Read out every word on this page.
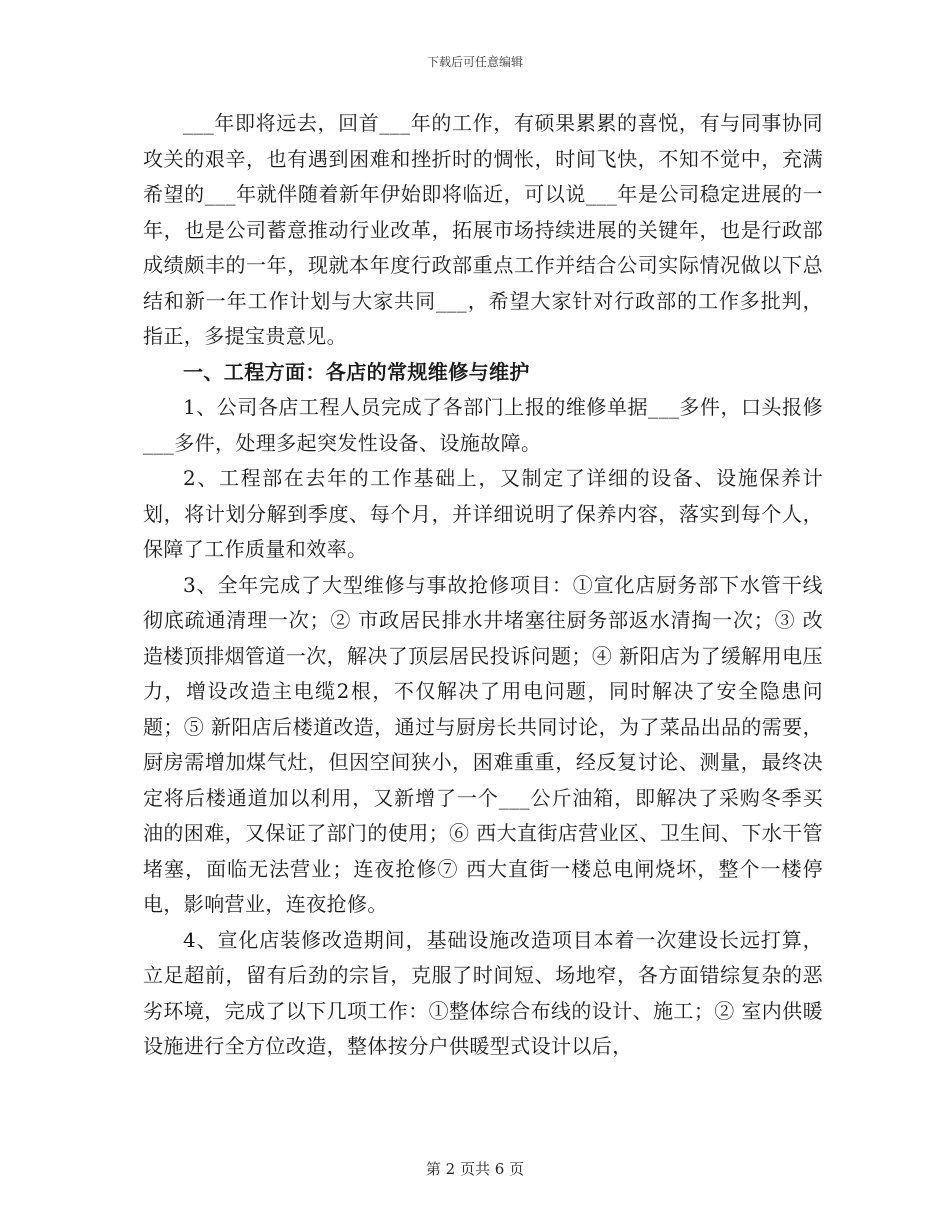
下载后可任意编辑

___年即将远去，回首___年的工作，有硕果累累的喜悦，有与同事协同攻关的艰辛，也有遇到困难和挫折时的惆怅，时间飞快，不知不觉中，充满希望的___年就伴随着新年伊始即将临近，可以说___年是公司稳定进展的一年，也是公司蓄意推动行业改革，拓展市场持续进展的关键年，也是行政部成绩颇丰的一年，现就本年度行政部重点工作并结合公司实际情况做以下总结和新一年工作计划与大家共同___，希望大家针对行政部的工作多批判，指正，多提宝贵意见。

一、工程方面：各店的常规维修与维护

1、公司各店工程人员完成了各部门上报的维修单据___多件，口头报修___多件，处理多起突发性设备、设施故障。

2、工程部在去年的工作基础上，又制定了详细的设备、设施保养计划，将计划分解到季度、每个月，并详细说明了保养内容，落实到每个人，保障了工作质量和效率。

3、全年完成了大型维修与事故抢修项目：①宣化店厨务部下水管干线彻底疏通清理一次；② 市政居民排水井堵塞往厨务部返水清掏一次；③ 改造楼顶排烟管道一次，解决了顶层居民投诉问题；④ 新阳店为了缓解用电压力，增设改造主电缆2根，不仅解决了用电问题，同时解决了安全隐患问题；⑤ 新阳店后楼道改造，通过与厨房长共同讨论，为了菜品出品的需要，厨房需增加煤气灶，但因空间狭小，困难重重，经反复讨论、测量，最终决定将后楼通道加以利用，又新增了一个___公斤油箱，即解决了采购冬季买油的困难，又保证了部门的使用；⑥ 西大直街店营业区、卫生间、下水干管堵塞，面临无法营业；连夜抢修⑦ 西大直街一楼总电闸烧坏，整个一楼停电，影响营业，连夜抢修。

4、宣化店装修改造期间，基础设施改造项目本着一次建设长远打算，立足超前，留有后劲的宗旨，克服了时间短、场地窄，各方面错综复杂的恶劣环境，完成了以下几项工作：①整体综合布线的设计、施工；② 室内供暖设施进行全方位改造，整体按分户供暖型式设计以后，

第 2 页共 6 页
